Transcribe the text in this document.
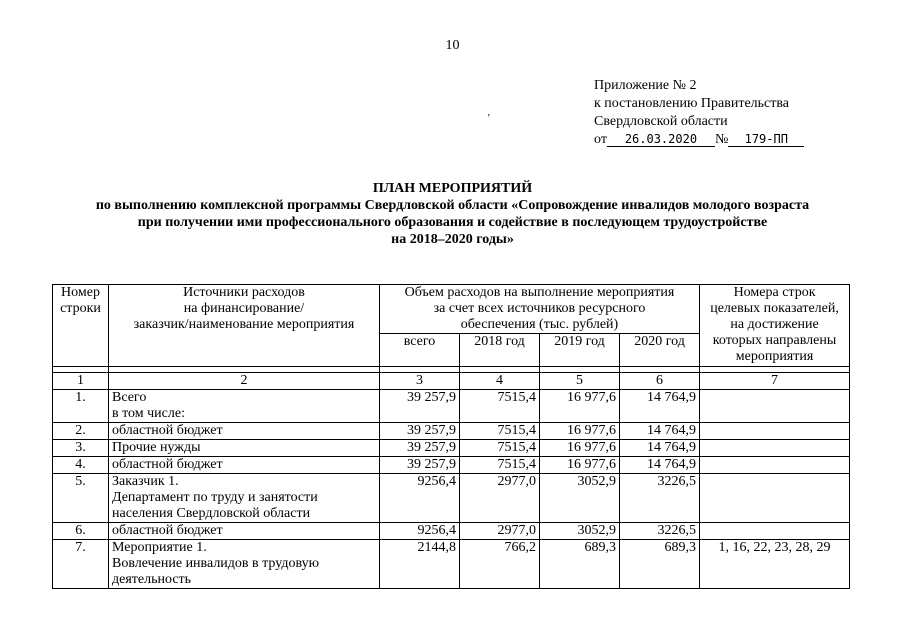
10
Приложение № 2
к постановлению Правительства
Свердловской области
от 26.03.2020 № 179-ПП
ʼ
ПЛАН МЕРОПРИЯТИЙ
по выполнению комплексной программы Свердловской области «Сопровождение инвалидов молодого возраста
при получении ими профессионального образования и содействие в последующем трудоустройстве
на 2018–2020 годы»
Номер
строки	Источники расходов
на финансирование/
заказчик/наименование мероприятия	Объем расходов на выполнение мероприятия
за счет всех источников ресурсного
обеспечения (тыс. рублей)				Номера строк
целевых показателей,
на достижение
которых направлены
мероприятия

		всего	2018 год	2019 год	2020 год	

1	2	3	4	5	6	7
1.	Всего
в том числе:	39 257,9	7515,4	16 977,6	14 764,9	
2.	областной бюджет	39 257,9	7515,4	16 977,6	14 764,9	
3.	Прочие нужды	39 257,9	7515,4	16 977,6	14 764,9	
4.	областной бюджет	39 257,9	7515,4	16 977,6	14 764,9	
5.	Заказчик 1.
Департамент по труду и занятости
населения Свердловской области	9256,4	2977,0	3052,9	3226,5	
6.	областной бюджет	9256,4	2977,0	3052,9	3226,5	
7.	Мероприятие 1.
Вовлечение инвалидов в трудовую
деятельность	2144,8	766,2	689,3	689,3	1, 16, 22, 23, 28, 29
